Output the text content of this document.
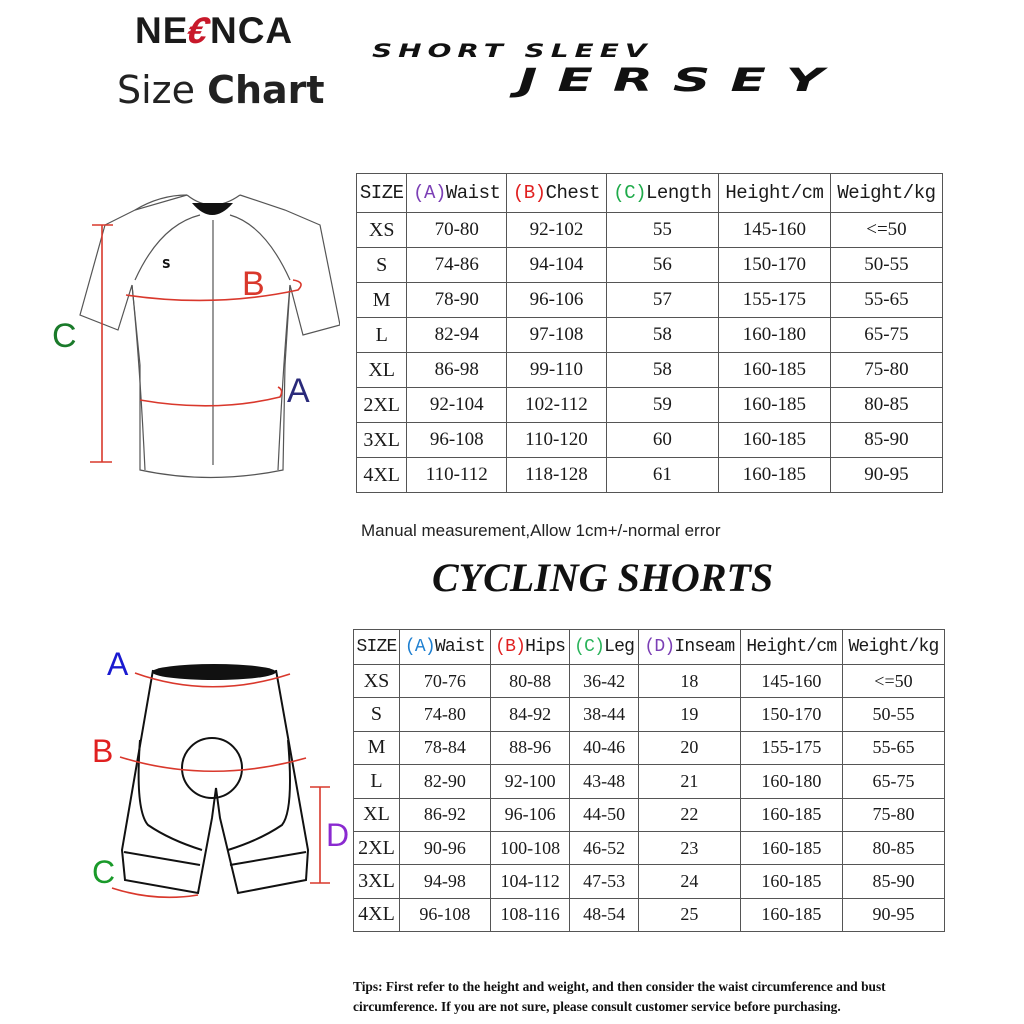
NE€NCA
Size Chart
SHORT SLEEV
JERSEY
S
C
B
A
SIZE	(A)Waist	(B)Chest	(C)Length	Height/cm	Weight/kg
XS	70-80	92-102	55	145-160	<=50
S	74-86	94-104	56	150-170	50-55
M	78-90	96-106	57	155-175	55-65
L	82-94	97-108	58	160-180	65-75
XL	86-98	99-110	58	160-185	75-80
2XL	92-104	102-112	59	160-185	80-85
3XL	96-108	110-120	60	160-185	85-90
4XL	110-112	118-128	61	160-185	90-95
Manual measurement,Allow 1cm+/-normal error
CYCLING SHORTS
A
B
C
D
SIZE	(A)Waist	(B)Hips	(C)Leg	(D)Inseam	Height/cm	Weight/kg
XS	70-76	80-88	36-42	18	145-160	<=50
S	74-80	84-92	38-44	19	150-170	50-55
M	78-84	88-96	40-46	20	155-175	55-65
L	82-90	92-100	43-48	21	160-180	65-75
XL	86-92	96-106	44-50	22	160-185	75-80
2XL	90-96	100-108	46-52	23	160-185	80-85
3XL	94-98	104-112	47-53	24	160-185	85-90
4XL	96-108	108-116	48-54	25	160-185	90-95
Tips: First refer to the height and weight, and then consider the waist circumference and bust circumference. If you are not sure, please consult customer service before purchasing.
